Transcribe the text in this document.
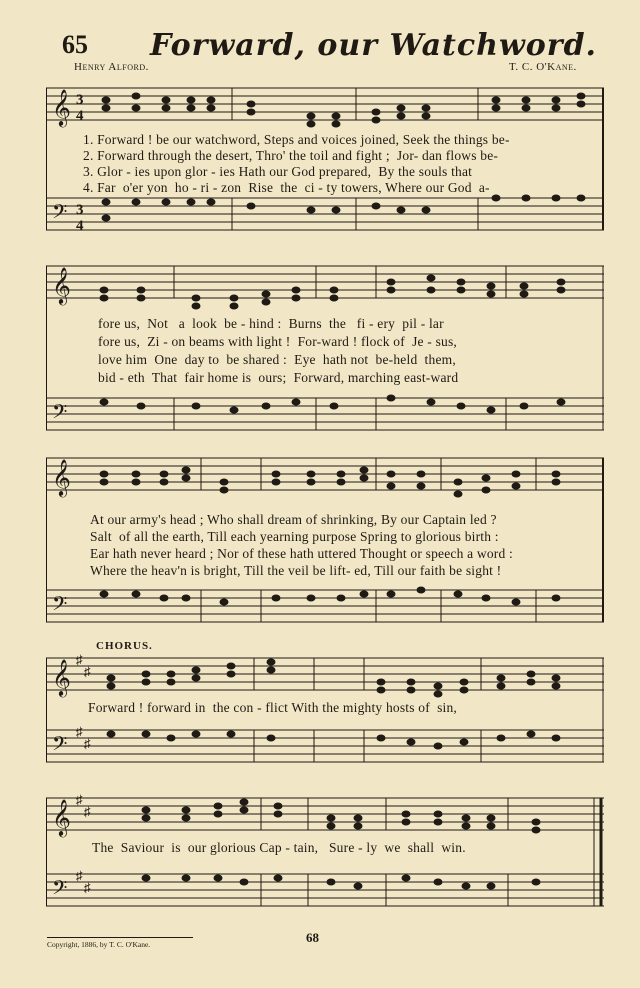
65 Forward, our Watchword.
Henry Alford.	T. C. O'Kane.
𝄞
𝄢
3
4
3
4
1. Forward ! be our watchword, Steps and voices joined, Seek the things be-
2. Forward through the desert, Thro' the toil and fight ;  Jor- dan flows be-
3. Glor - ies upon glor - ies Hath our God prepared,  By the souls that
4. Far  o'er yon  ho - ri - zon  Rise  the  ci - ty towers, Where our God  a-
𝄞
𝄢
fore us,  Not   a  look  be - hind :  Burns  the   fi - ery  pil - lar
fore us,  Zi - on beams with light !  For-ward ! flock of  Je - sus,
love him  One  day to  be shared :  Eye  hath not  be-held  them,
bid - eth  That  fair home is  ours;  Forward, marching east-ward
𝄞
𝄢
At our army's head ; Who shall dream of shrinking, By our Captain led ?
Salt  of all the earth, Till each yearning purpose Spring to glorious birth :
Ear hath never heard ; Nor of these hath uttered Thought or speech a word :
Where the heav'n is bright, Till the veil be lift- ed, Till our faith be sight !
CHORUS.
𝄞
𝄢
♯
♯
♯
♯
Forward ! forward in  the con - flict With the mighty hosts of  sin,
𝄞
𝄢
♯
♯
♯
♯
The  Saviour  is  our glorious Cap - tain,   Sure - ly  we  shall  win.
Copyright, 1886, by T. C. O'Kane.	68
